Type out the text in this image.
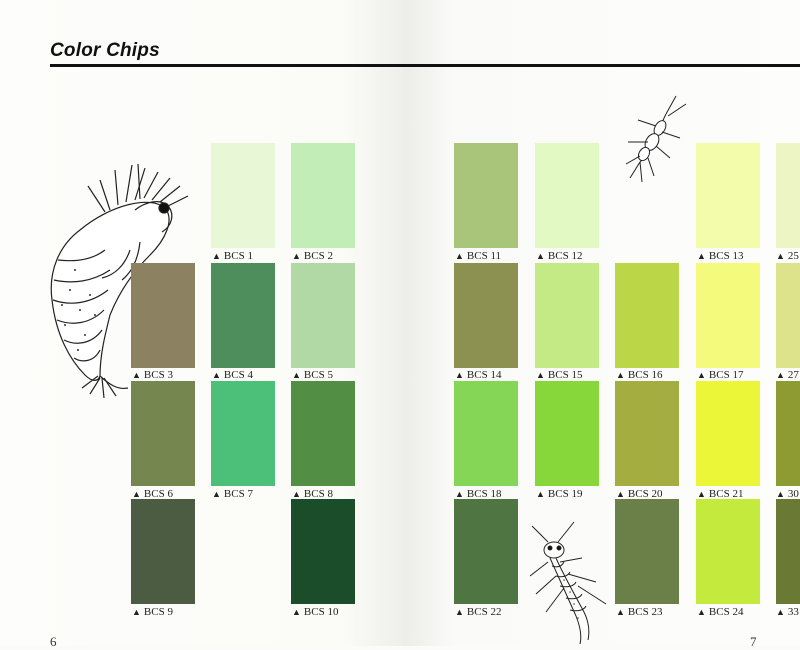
Color Chips
▲ BCS 1	▲ BCS 2
▲ BCS 3	▲ BCS 4	▲ BCS 5
▲ BCS 6	▲ BCS 7	▲ BCS 8
▲ BCS 9	▲ BCS 10
▲ BCS 11	▲ BCS 12	▲ BCS 13	▲ 25
▲ BCS 14	▲ BCS 15	▲ BCS 16	▲ BCS 17	▲ 27
▲ BCS 18	▲ BCS 19	▲ BCS 20	▲ BCS 21	▲ 30
▲ BCS 22	▲ BCS 23	▲ BCS 24	▲ 33
6	7
